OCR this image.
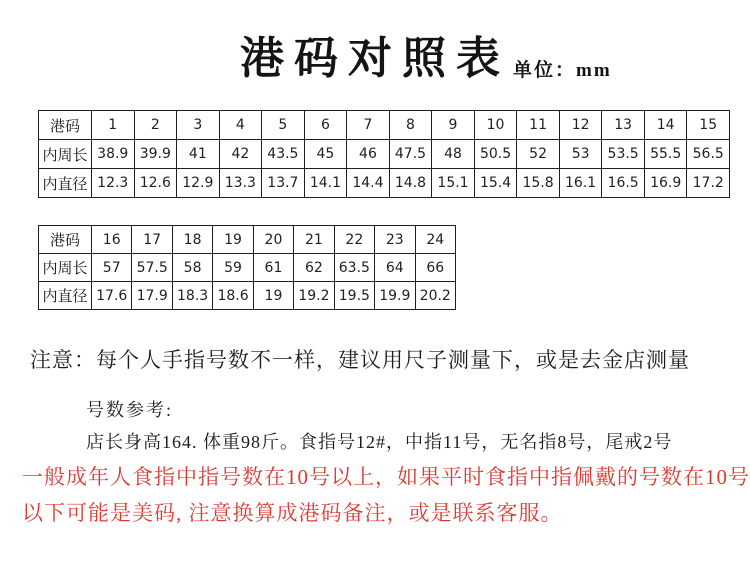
港码对照表 单位：mm
港码	1	2	3	4	5	6	7	8	9	10	11	12	13	14	15
内周长	38.9	39.9	41	42	43.5	45	46	47.5	48	50.5	52	53	53.5	55.5	56.5
内直径	12.3	12.6	12.9	13.3	13.7	14.1	14.4	14.8	15.1	15.4	15.8	16.1	16.5	16.9	17.2
港码	16	17	18	19	20	21	22	23	24
内周长	57	57.5	58	59	61	62	63.5	64	66
内直径	17.6	17.9	18.3	18.6	19	19.2	19.5	19.9	20.2
注意：每个人手指号数不一样，建议用尺子测量下，或是去金店测量
号数参考:
店长身高164. 体重98斤。食指号12#，中指11号，无名指8号，尾戒2号
一般成年人食指中指号数在10号以上，如果平时食指中指佩戴的号数在10号
以下可能是美码, 注意换算成港码备注，或是联系客服。
